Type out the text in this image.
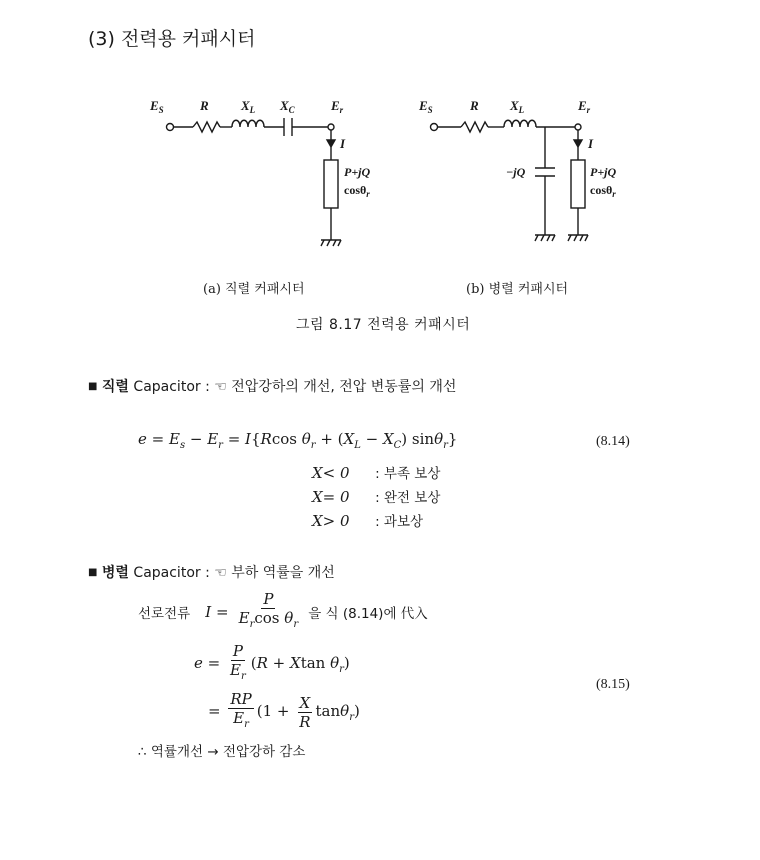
(3) 전력용 커패시터
$E_S$	R $X_L$ $X_C$	$E_r$
I
P+jQ
cosθ$_r$
$E_S$	R $X_L$	$E_r$
I
−jQ	P+jQ
cosθ$_r$
(a) 직렬 커패시터	(b) 병렬 커패시터
그림 8.17 전력용 커패시터
■ 직렬 Capacitor : ☜ 전압강하의 개선, 전압 변동률의 개선
$e = E_s - E_r = I\{Rcos$ $\theta_r + (X_L - X_C)$ sinθ$_r$}	(8.14)
X< 0 : 부족 보상
X= 0 : 완전 보상
X> 0 : 과보상
■ 병렬 Capacitor : ☜ 부하 역률을 개선
선로전류 $I = \frac{P}{E_r\cos \theta_r}$ 을 식 (8.14)에 代入
$e = \frac{P}{E_r} (R + Xtan$ $\theta_r$)
= $\frac{RP}{E_r} (1 + \frac{X}{R} \tan\theta_r)$
(8.15)
∴ 역률개선 → 전압강하 감소
